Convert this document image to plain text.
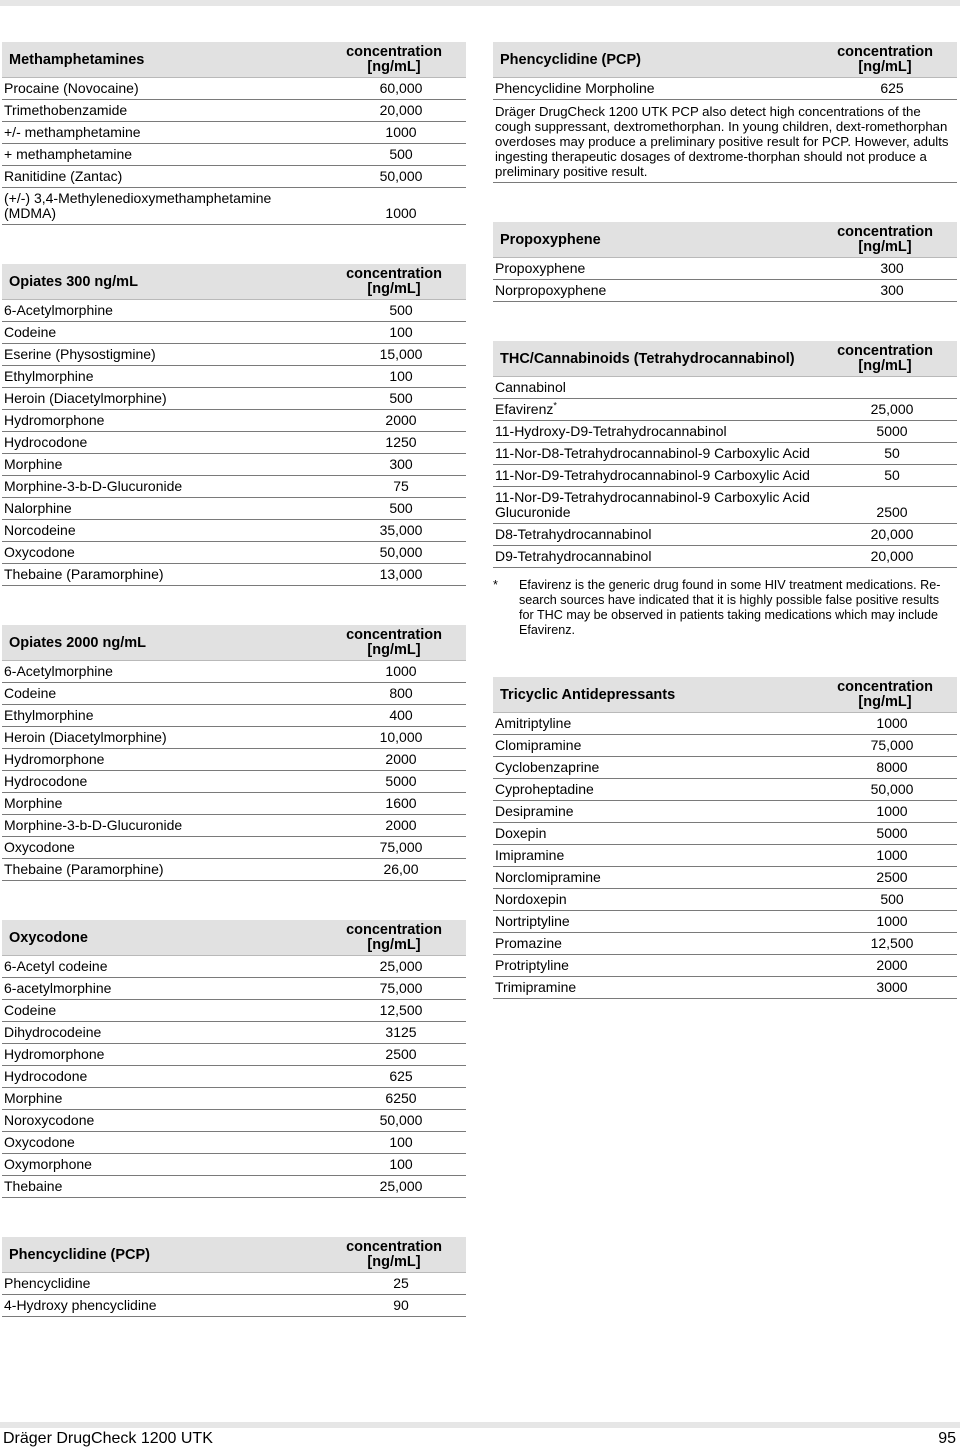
Methamphetamines	concentration [ng/mL]
Procaine (Novocaine)	60,000
Trimethobenzamide	20,000
+/- methamphetamine	1000
+ methamphetamine	500
Ranitidine (Zantac)	50,000
(+/-) 3,4-Methylenedioxymethamphetamine (MDMA)	1000
Opiates 300 ng/mL	concentration [ng/mL]
6-Acetylmorphine	500
Codeine	100
Eserine (Physostigmine)	15,000
Ethylmorphine	100
Heroin (Diacetylmorphine)	500
Hydromorphone	2000
Hydrocodone	1250
Morphine	300
Morphine-3-b-D-Glucuronide	75
Nalorphine	500
Norcodeine	35,000
Oxycodone	50,000
Thebaine (Paramorphine)	13,000
Opiates 2000 ng/mL	concentration [ng/mL]
6-Acetylmorphine	1000
Codeine	800
Ethylmorphine	400
Heroin (Diacetylmorphine)	10,000
Hydromorphone	2000
Hydrocodone	5000
Morphine	1600
Morphine-3-b-D-Glucuronide	2000
Oxycodone	75,000
Thebaine (Paramorphine)	26,00
Oxycodone	concentration [ng/mL]
6-Acetyl codeine	25,000
6-acetylmorphine	75,000
Codeine	12,500
Dihydrocodeine	3125
Hydromorphone	2500
Hydrocodone	625
Morphine	6250
Noroxycodone	50,000
Oxycodone	100
Oxymorphone	100
Thebaine	25,000
Phencyclidine (PCP)	concentration [ng/mL]
Phencyclidine	25
4-Hydroxy phencyclidine	90
Phencyclidine (PCP)	concentration [ng/mL]
Phencyclidine Morpholine	625
Dräger DrugCheck 1200 UTK PCP also detect high concentrations of the cough suppressant, dextromethorphan. In young children, dext-romethorphan overdoses may produce a preliminary positive result for PCP. However, adults ingesting therapeutic dosages of dextrome-thorphan should not produce a preliminary positive result.
Propoxyphene	concentration [ng/mL]
Propoxyphene	300
Norpropoxyphene	300
THC/Cannabinoids (Tetrahydrocannabinol)	concentration [ng/mL]
Cannabinol
Efavirenz*	25,000
11-Hydroxy-D9-Tetrahydrocannabinol	5000
11-Nor-D8-Tetrahydrocannabinol-9 Carboxylic Acid	50
11-Nor-D9-Tetrahydrocannabinol-9 Carboxylic Acid	50
11-Nor-D9-Tetrahydrocannabinol-9 Carboxylic Acid Glucuronide	2500
D8-Tetrahydrocannabinol	20,000
D9-Tetrahydrocannabinol	20,000
*	Efavirenz is the generic drug found in some HIV treatment medications. Re-search sources have indicated that it is highly possible false positive results for THC may be observed in patients taking medications which may include Efavirenz.
Tricyclic Antidepressants	concentration [ng/mL]
Amitriptyline	1000
Clomipramine	75,000
Cyclobenzaprine	8000
Cyproheptadine	50,000
Desipramine	1000
Doxepin	5000
Imipramine	1000
Norclomipramine	2500
Nordoxepin	500
Nortriptyline	1000
Promazine	12,500
Protriptyline	2000
Trimipramine	3000
Dräger DrugCheck 1200 UTK	95
